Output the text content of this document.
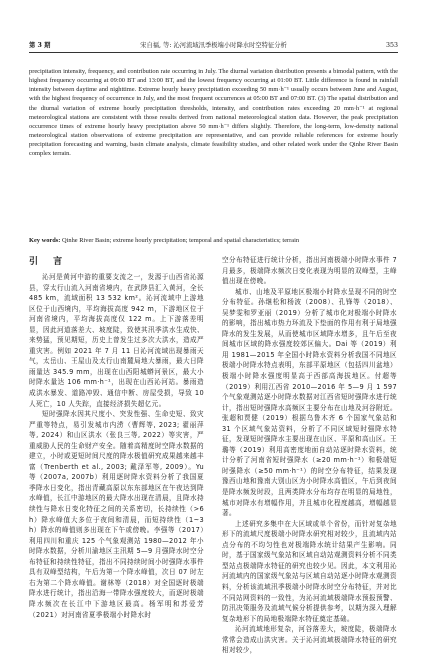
第 3 期	宋自福, 等: 沁河流域汛季极端小时降水时空特征分析	353
precipitation intensity, frequency, and contribution rate occurring in July. The diurnal variation distribution presents a bimodal pattern, with the highest frequency occurring at 09:00 BT and 13:00 BT, and the lowest frequency occurring at 01:00 BT. Little difference is found in rainfall intensity between daytime and nighttime. Extreme hourly heavy precipitation exceeding 50 mm·h⁻¹ usually occurs between June and August, with the highest frequency of occurrence in July, and the most frequent occurrences at 05:00 BT and 07:00 BT. (3) The spatial distribution and the diurnal variation of extreme hourly precipitation thresholds, intensity, and contribution rates exceeding 20 mm·h⁻¹ at regional meteorological stations are consistent with those results derived from national meteorological station data. However, the peak precipitation occurrence times of extreme hourly heavy precipitation above 50 mm·h⁻¹ differs slightly. Therefore, the long-term, low-density national meteorological station observations of extreme precipitation are representative, and can provide reliable references for extreme hourly precipitation forecasting and warning, basin climate analysis, climate feasibility studies, and other related work under the Qinhe River Basin complex terrain.
Key words: Qinhe River Basin; extreme hourly precipitation; temporal and spatial characteristics; terrain
引 言

沁河是黄河中游的重要支流之一，发源于山西省沁源县，穿太行山流入河南省境内，在武陟县汇入黄河，全长 485 km，流域面积 13 532 km²。沁河流域中上游地区位于山西境内，平均海拔高度 942 m，下游地区位于河南省境内，平均海拔高度仅 122 m。上下游落差明显，因此河道落差大、坡度陡，致使其汛季洪水生成快、来势猛，预见期短，历史上曾发生过多次大洪水，造成严重灾害。例如 2021 年 7 月 11 日沁河流域出现暴雨天气，太岳山、王屋山及太行山南麓局地大暴雨，最大日降雨量达 345.9 mm，出现在山西阳城蟒河景区，最大小时降水量达 106 mm·h⁻¹，出现在山西沁河站。暴雨造成洪水暴发、道路冲毁、通信中断、房屋受损，导致 10 人死亡，10 人失踪，直接经济损失超亿元。

短时强降水因其尺度小、突发性强、生命史短、致灾严重等特点，易引发城市内涝（曹辉等, 2023; 翟丽萍等, 2024）和山区洪水（张良三等, 2022）等灾害，严重威胁人民的生命财产安全。随着高精度时空降水数据的建立，小时或更短时间尺度的降水极值研究成果越来越丰富（Trenberth et al., 2003; 戴泽军等, 2009）。Yu 等（2007a, 2007b）利用逐时降水资料分析了我国夏季降水日变化，指出青藏高原以东东部地区在午夜达到降水峰值，长江中游地区的最大降水出现在清晨，且降水持续性与降水日变化特征之间的关系密切，长持续性（>6 h）降水峰值大多位于夜间和清晨，而短持续性（1~3 h）降水的峰值则多出现在下午或傍晚。李强等（2017）利用四川和重庆 125 个气象观测站 1980—2012 年小时降水数据，分析川渝地区主汛期 5—9 月强降水时空分布特征和持续性特征，指出不同持续时间小时强降水事件具有双峰型结构，午后为第一个降水峰值，次日 07 时左右为第二个降水峰值。谢林等（2018）对全国逐时极端降水进行统计，指出沿海一带降水强度较大，而逐时极端降水频次在长江中下游地区最高。杨军明和苏爱芳（2021）对河南省夏季极端小时降水时

空分布特征进行统计分析，指出河南极端小时降水事件 7 月最多，极端降水频次日变化表现为明显的双峰型，主峰值出现在傍晚。

城市、山地及平原地区极端小时降水呈现不同的时空分布特征。孙继松和杨波（2008）、孔锋等（2018）、吴梦雯和罗亚丽（2019）分析了城市化对极端小时降水的影响，指出城市热力环流及下垫面的作用有利于局地强降水的发生发展，从而使城市区域降水增多，且午后至夜间城市区域的降水强度较郊区偏大。Dai 等（2019）利用 1981—2015 年全国小时降水资料分析我国不同地区极端小时降水特点表明，东部平原地区（包括四川盆地）极端小时降水强度明显高于西部高海拔地区。付超等（2019）利用江西省 2010—2016 年 5—9 月 1 597 个气象观测站逐小时降水数据对江西省短时强降水进行统计，指出短时强降水高频区主要分布在山地及河谷附近。张超和贾健（2019）根据乌鲁木齐 6 个国家气象站和 31 个区域气象站资料，分析了不同区域短时强降水特征，发现短时强降水主要出现在山区、平原和高山区。王璐等（2019）利用高密度地面自动站逐时降水资料，统计分析了河南省短时强降水（≥20 mm·h⁻¹）和极端短时强降水（≥50 mm·h⁻¹）的时空分布特征，结果发现豫西山地和豫南大别山区为小时降水高值区，午后到夜间是降水频发时段，且两类降水分布均存在明显的局地性，城市对降水有增幅作用，并且城市化程度越高，增幅越显著。

上述研究多集中在大区域或单个省份，而针对复杂地形下的流域尺度极端小时降水研究相对较少，且流域内站点分布的不均匀性也对极端降水统计结果产生影响。同时，基于国家级气象站和区域自动站观测资料分析不同类型站点极端降水特征的研究也较少见。因此，本文利用沁河流域内的国家级气象站与区域自动站逐小时降水观测资料，分析该流域汛季极端小时降水时空分布特征，并对比不同站网资料的一致性，为沁河流域极端降水预报预警、防汛决策服务及流域气候分析提供参考，以期为深入理解复杂地形下的局地极端降水特征奠定基础。

沁河流域地形复杂，河谷落差大，坡度陡，极端降水常常会造成山洪灾害。关于沁河流域极端降水特征的研究相对较少，
